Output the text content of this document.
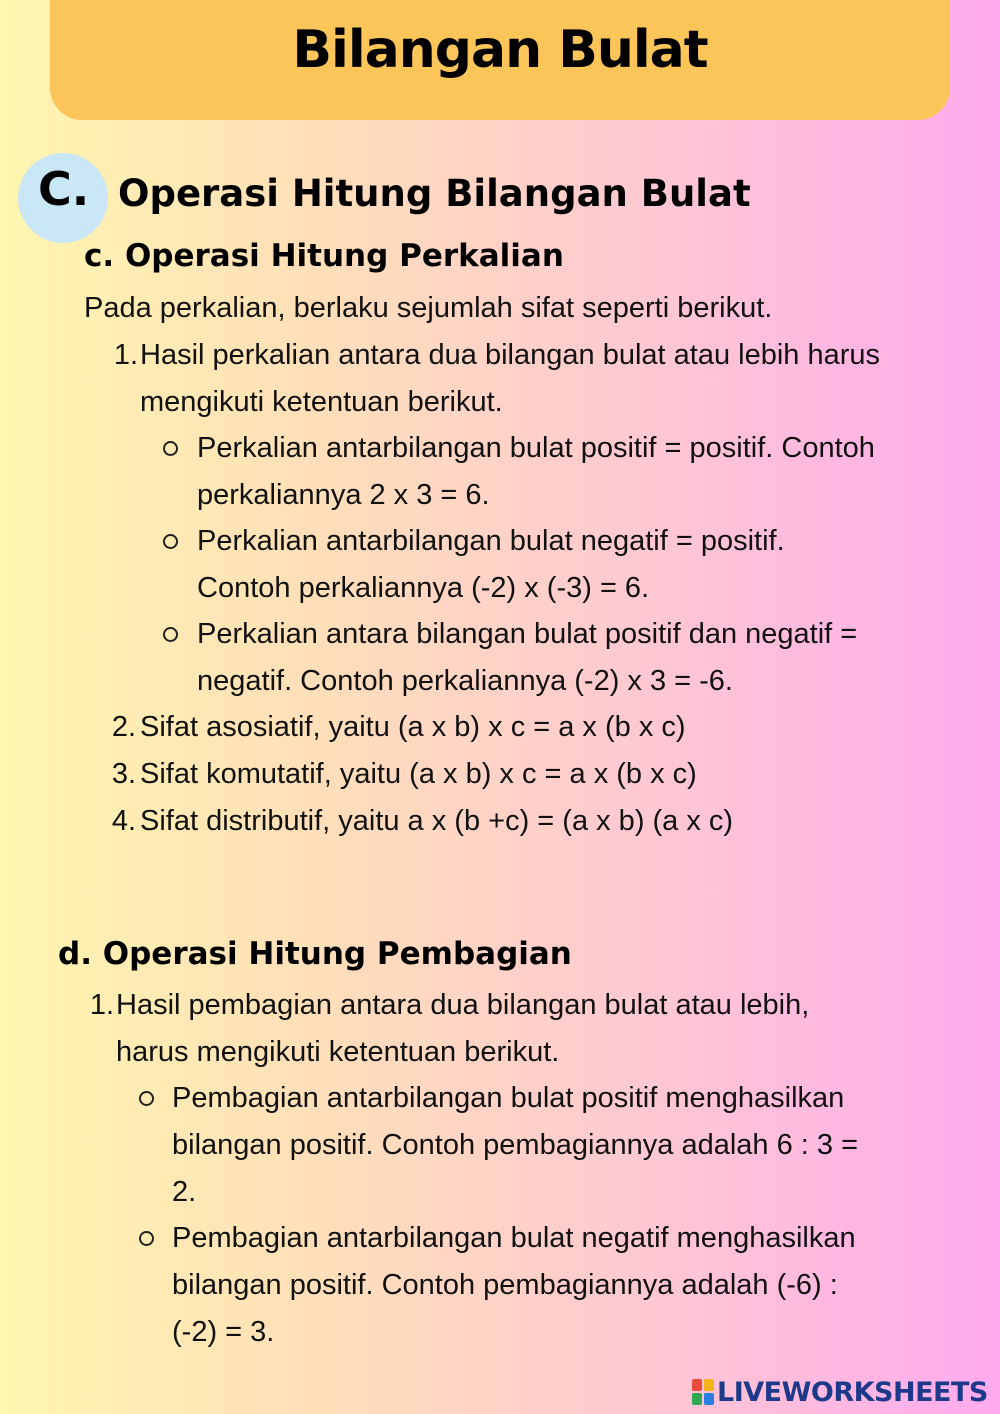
Bilangan Bulat
C. Operasi Hitung Bilangan Bulat
c. Operasi Hitung Perkalian
Pada perkalian, berlaku sejumlah sifat seperti berikut.
1. Hasil perkalian antara dua bilangan bulat atau lebih harus
mengikuti ketentuan berikut.
Perkalian antarbilangan bulat positif = positif. Contoh
perkaliannya 2 x 3 = 6.
Perkalian antarbilangan bulat negatif = positif.
Contoh perkaliannya (-2) x (-3) = 6.
Perkalian antara bilangan bulat positif dan negatif =
negatif. Contoh perkaliannya (-2) x 3 = -6.
2. Sifat asosiatif, yaitu (a x b) x c = a x (b x c)
3. Sifat komutatif, yaitu (a x b) x c = a x (b x c)
4. Sifat distributif, yaitu a x (b +c) = (a x b) (a x c)
d. Operasi Hitung Pembagian
1. Hasil pembagian antara dua bilangan bulat atau lebih,
harus mengikuti ketentuan berikut.
Pembagian antarbilangan bulat positif menghasilkan
bilangan positif. Contoh pembagiannya adalah 6 : 3 =
2.
Pembagian antarbilangan bulat negatif menghasilkan
bilangan positif. Contoh pembagiannya adalah (-6) :
(-2) = 3.
LIVEWORKSHEETS
